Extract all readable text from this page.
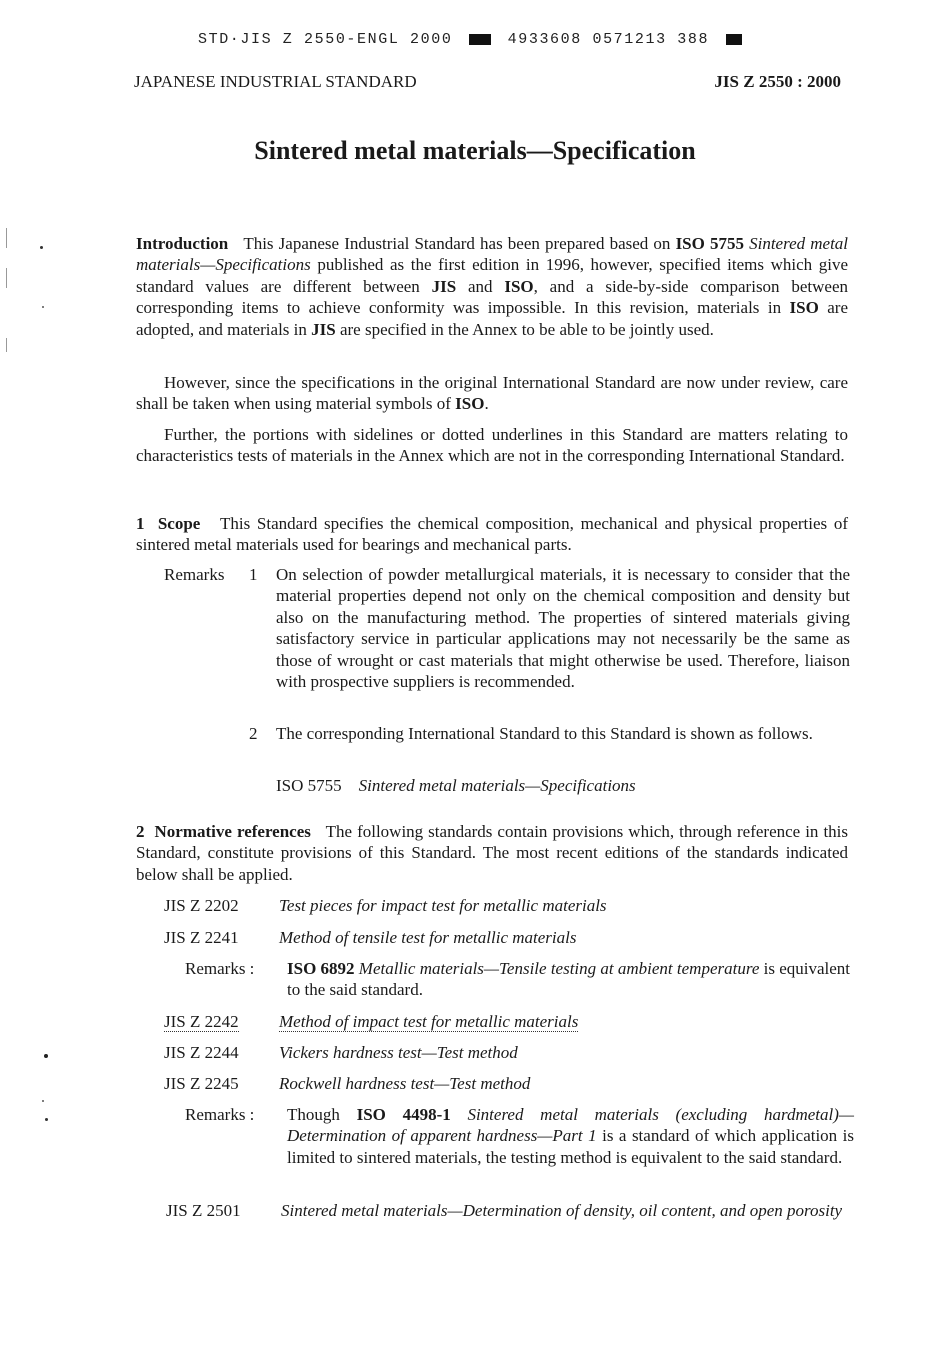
STD·JIS Z 2550-ENGL 2000	4933608 0571213 388
JAPANESE INDUSTRIAL STANDARD	JIS Z 2550 : 2000
Sintered metal materials—Specification
Introduction This Japanese Industrial Standard has been prepared based on ISO 5755 Sintered metal materials—Specifications published as the first edition in 1996, however, specified items which give standard values are different between JIS and ISO, and a side-by-side comparison between corresponding items to achieve conformity was impossible. In this revision, materials in ISO are adopted, and materials in JIS are specified in the Annex to be able to be jointly used.
However, since the specifications in the original International Standard are now under review, care shall be taken when using material symbols of ISO.
Further, the portions with sidelines or dotted underlines in this Standard are matters relating to characteristics tests of materials in the Annex which are not in the corresponding International Standard.
1 Scope This Standard specifies the chemical composition, mechanical and physical properties of sintered metal materials used for bearings and mechanical parts.
Remarks 1 On selection of powder metallurgical materials, it is necessary to consider that the material properties depend not only on the chemical composition and density but also on the manufacturing method. The properties of sintered materials giving satisfactory service in particular applications may not necessarily be the same as those of wrought or cast materials that might otherwise be used. Therefore, liaison with prospective suppliers is recommended.
2 The corresponding International Standard to this Standard is shown as follows.
ISO 5755 Sintered metal materials—Specifications
2 Normative references The following standards contain provisions which, through reference in this Standard, constitute provisions of this Standard. The most recent editions of the standards indicated below shall be applied.
JIS Z 2202 Test pieces for impact test for metallic materials
JIS Z 2241 Method of tensile test for metallic materials
Remarks : ISO 6892 Metallic materials—Tensile testing at ambient temperature is equivalent to the said standard.
JIS Z 2242 Method of impact test for metallic materials
JIS Z 2244 Vickers hardness test—Test method
JIS Z 2245 Rockwell hardness test—Test method
Remarks : Though ISO 4498-1 Sintered metal materials (excluding hardmetal)—Determination of apparent hardness—Part 1 is a standard of which application is limited to sintered materials, the testing method is equivalent to the said standard.
JIS Z 2501 Sintered metal materials—Determination of density, oil content, and open porosity
